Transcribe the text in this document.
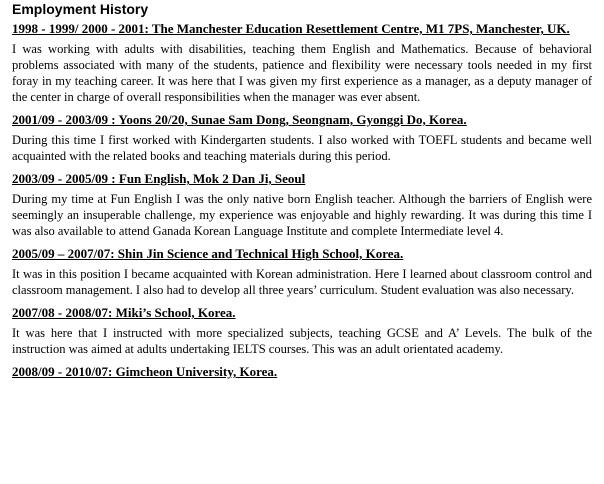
Employment History
1998 - 1999/ 2000 - 2001: The Manchester Education Resettlement Centre, M1 7PS, Manchester, UK.
I was working with adults with disabilities, teaching them English and Mathematics. Because of behavioral problems associated with many of the students, patience and flexibility were necessary tools needed in my first foray in my teaching career. It was here that I was given my first experience as a manager, as a deputy manager of the center in charge of overall responsibilities when the manager was ever absent.
2001/09 - 2003/09 : Yoons 20/20, Sunae Sam Dong, Seongnam, Gyonggi Do, Korea.
During this time I first worked with Kindergarten students. I also worked with TOEFL students and became well acquainted with the related books and teaching materials during this period.
2003/09 - 2005/09 : Fun English, Mok 2 Dan Ji, Seoul
During my time at Fun English I was the only native born English teacher. Although the barriers of English were seemingly an insuperable challenge, my experience was enjoyable and highly rewarding. It was during this time I was also available to attend Ganada Korean Language Institute and complete Intermediate level 4.
2005/09 – 2007/07: Shin Jin Science and Technical High School, Korea.
It was in this position I became acquainted with Korean administration. Here I learned about classroom control and classroom management. I also had to develop all three years’ curriculum. Student evaluation was also necessary.
2007/08 - 2008/07: Miki’s School, Korea.
It was here that I instructed with more specialized subjects, teaching GCSE and A’ Levels. The bulk of the instruction was aimed at adults undertaking IELTS courses. This was an adult orientated academy.
2008/09 - 2010/07: Gimcheon University, Korea.
